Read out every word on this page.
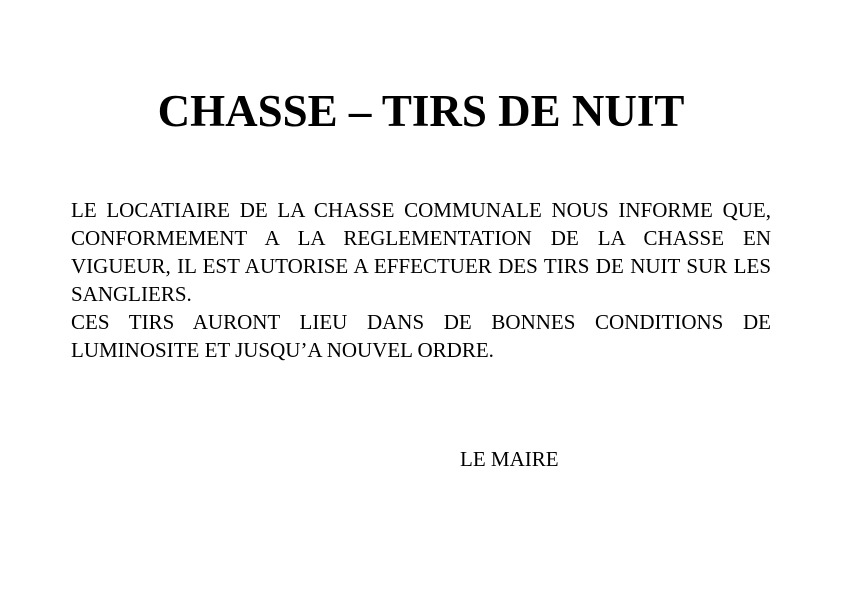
CHASSE – TIRS DE NUIT

LE LOCATIAIRE DE LA CHASSE COMMUNALE NOUS INFORME QUE, CONFORMEMENT A LA REGLEMENTATION DE LA CHASSE EN VIGUEUR, IL EST AUTORISE A EFFECTUER DES TIRS DE NUIT SUR LES SANGLIERS.

CES TIRS AURONT LIEU DANS DE BONNES CONDITIONS DE LUMINOSITE ET JUSQU’A NOUVEL ORDRE.

LE MAIRE
